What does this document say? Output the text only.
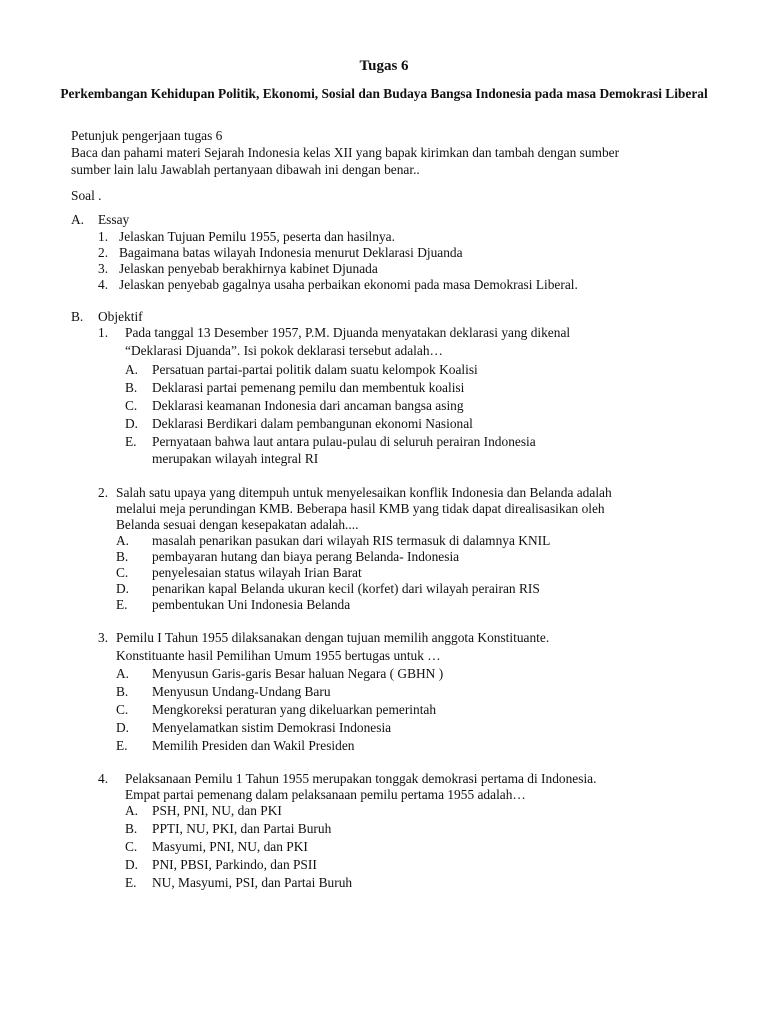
Tugas 6
Perkembangan Kehidupan Politik, Ekonomi, Sosial dan Budaya Bangsa Indonesia pada masa Demokrasi Liberal
Petunjuk pengerjaan tugas 6
Baca dan pahami materi Sejarah Indonesia kelas XII yang bapak kirimkan dan tambah dengan sumber
sumber lain lalu Jawablah pertanyaan dibawah ini dengan benar..
Soal .
A. Essay
1. Jelaskan Tujuan Pemilu 1955, peserta dan hasilnya.
2. Bagaimana batas wilayah Indonesia menurut Deklarasi Djuanda
3. Jelaskan penyebab berakhirnya kabinet Djunada
4. Jelaskan penyebab gagalnya usaha perbaikan ekonomi pada masa Demokrasi Liberal.
B. Objektif
1. Pada tanggal 13 Desember 1957, P.M. Djuanda menyatakan deklarasi yang dikenal
“Deklarasi Djuanda”. Isi pokok deklarasi tersebut adalah…
A. Persatuan partai-partai politik dalam suatu kelompok Koalisi
B. Deklarasi partai pemenang pemilu dan membentuk koalisi
C. Deklarasi keamanan Indonesia dari ancaman bangsa asing
D. Deklarasi Berdikari dalam pembangunan ekonomi Nasional
E. Pernyataan bahwa laut antara pulau-pulau di seluruh perairan Indonesia
merupakan wilayah integral RI
2. Salah satu upaya yang ditempuh untuk menyelesaikan konflik Indonesia dan Belanda adalah
melalui meja perundingan KMB. Beberapa hasil KMB yang tidak dapat direalisasikan oleh
Belanda sesuai dengan kesepakatan adalah....
A. masalah penarikan pasukan dari wilayah RIS termasuk di dalamnya KNIL
B. pembayaran hutang dan biaya perang Belanda- Indonesia
C. penyelesaian status wilayah Irian Barat
D. penarikan kapal Belanda ukuran kecil (korfet) dari wilayah perairan RIS
E. pembentukan Uni Indonesia Belanda
3. Pemilu I Tahun 1955 dilaksanakan dengan tujuan memilih anggota Konstituante.
Konstituante hasil Pemilihan Umum 1955 bertugas untuk …
A. Menyusun Garis-garis Besar haluan Negara ( GBHN )
B. Menyusun Undang-Undang Baru
C. Mengkoreksi peraturan yang dikeluarkan pemerintah
D. Menyelamatkan sistim Demokrasi Indonesia
E. Memilih Presiden dan Wakil Presiden
4. Pelaksanaan Pemilu 1 Tahun 1955 merupakan tonggak demokrasi pertama di Indonesia.
Empat partai pemenang dalam pelaksanaan pemilu pertama 1955 adalah…
A. PSH, PNI, NU, dan PKI
B. PPTI, NU, PKI, dan Partai Buruh
C. Masyumi, PNI, NU, dan PKI
D. PNI, PBSI, Parkindo, dan PSII
E. NU, Masyumi, PSI, dan Partai Buruh
